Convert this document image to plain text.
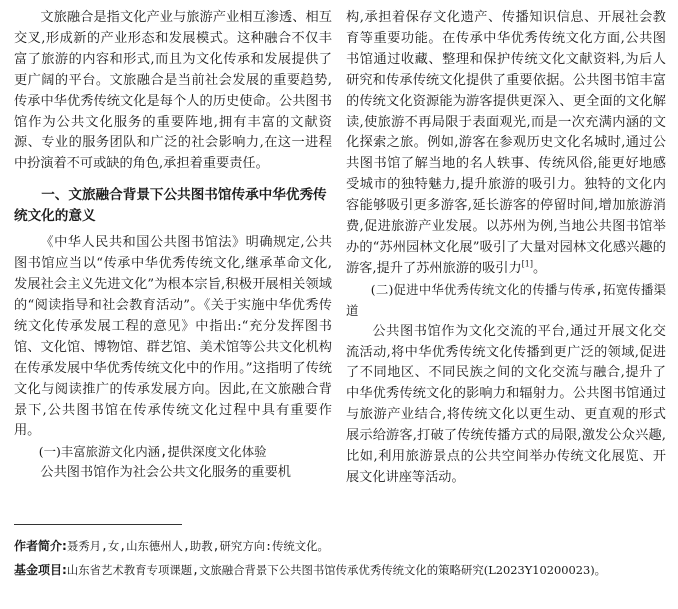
文旅融合是指文化产业与旅游产业相互渗透、相互交叉,形成新的产业形态和发展模式。这种融合不仅丰富了旅游的内容和形式,而且为文化传承和发展提供了更广阔的平台。文旅融合是当前社会发展的重要趋势,传承中华优秀传统文化是每个人的历史使命。公共图书馆作为公共文化服务的重要阵地,拥有丰富的文献资源、专业的服务团队和广泛的社会影响力,在这一进程中扮演着不可或缺的角色,承担着重要责任。

一、文旅融合背景下公共图书馆传承中华优秀传统文化的意义

《中华人民共和国公共图书馆法》明确规定,公共图书馆应当以“传承中华优秀传统文化,继承革命文化,发展社会主义先进文化”为根本宗旨,积极开展相关领域的“阅读指导和社会教育活动”。《关于实施中华优秀传统文化传承发展工程的意见》中指出:“充分发挥图书馆、文化馆、博物馆、群艺馆、美术馆等公共文化机构在传承发展中华优秀传统文化中的作用。”这指明了传统文化与阅读推广的传承发展方向。因此,在文旅融合背景下,公共图书馆在传承传统文化过程中具有重要作用。

(一)丰富旅游文化内涵,提供深度文化体验

公共图书馆作为社会公共文化服务的重要机

构,承担着保存文化遗产、传播知识信息、开展社会教育等重要功能。在传承中华优秀传统文化方面,公共图书馆通过收藏、整理和保护传统文化文献资料,为后人研究和传承传统文化提供了重要依据。公共图书馆丰富的传统文化资源能为游客提供更深入、更全面的文化解读,使旅游不再局限于表面观光,而是一次充满内涵的文化探索之旅。例如,游客在参观历史文化名城时,通过公共图书馆了解当地的名人轶事、传统风俗,能更好地感受城市的独特魅力,提升旅游的吸引力。独特的文化内容能够吸引更多游客,延长游客的停留时间,增加旅游消费,促进旅游产业发展。以苏州为例,当地公共图书馆举办的“苏州园林文化展”吸引了大量对园林文化感兴趣的游客,提升了苏州旅游的吸引力[1]。

(二)促进中华优秀传统文化的传播与传承,拓宽传播渠道

公共图书馆作为文化交流的平台,通过开展文化交流活动,将中华优秀传统文化传播到更广泛的领域,促进了不同地区、不同民族之间的文化交流与融合,提升了中华优秀传统文化的影响力和辐射力。公共图书馆通过与旅游产业结合,将传统文化以更生动、更直观的形式展示给游客,打破了传统传播方式的局限,激发公众兴趣,比如,利用旅游景点的公共空间举办传统文化展览、开展文化讲座等活动。

作者简介:聂秀月,女,山东德州人,助教,研究方向:传统文化。
基金项目:山东省艺术教育专项课题,文旅融合背景下公共图书馆传承优秀传统文化的策略研究(L2023Y10200023)。
